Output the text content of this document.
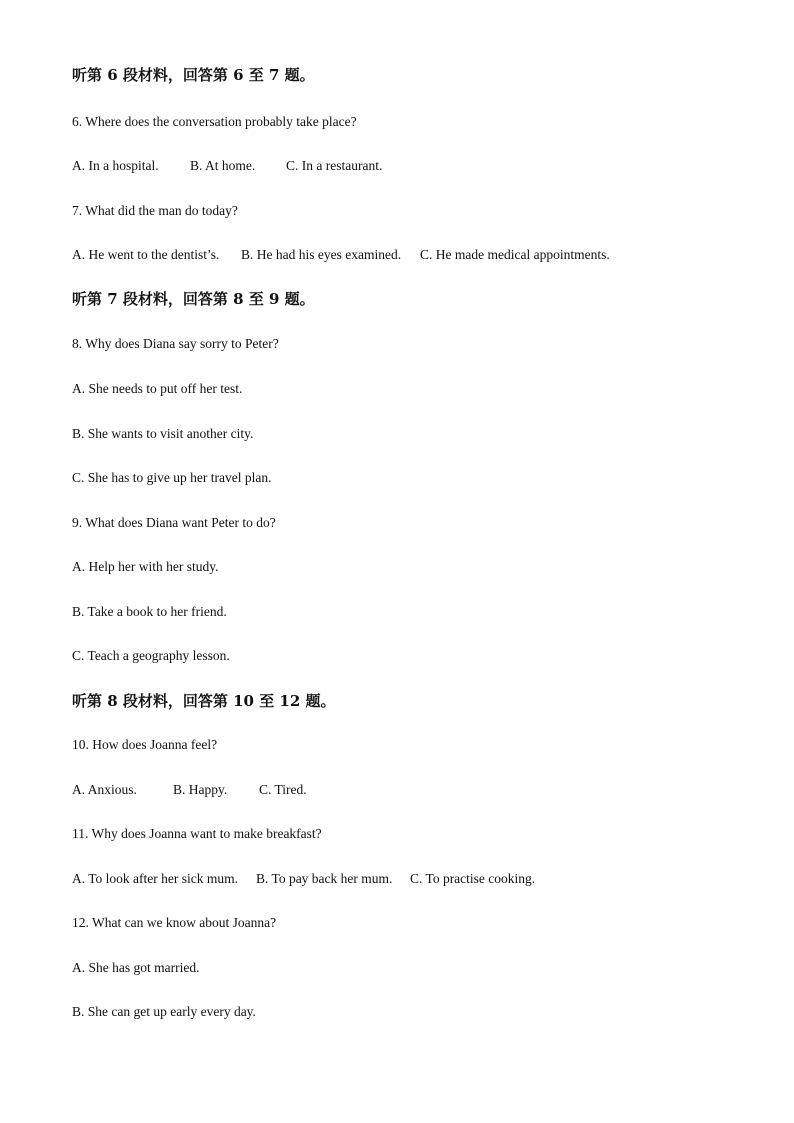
听第 6 段材料，回答第 6 至 7 题。
6. Where does the conversation probably take place?
A. In a hospital. B. At home. C. In a restaurant.
7. What did the man do today?
A. He went to the dentist’s. B. He had his eyes examined. C. He made medical appointments.
听第 7 段材料，回答第 8 至 9 题。
8. Why does Diana say sorry to Peter?
A. She needs to put off her test.
B. She wants to visit another city.
C. She has to give up her travel plan.
9. What does Diana want Peter to do?
A. Help her with her study.
B. Take a book to her friend.
C. Teach a geography lesson.
听第 8 段材料，回答第 10 至 12 题。
10. How does Joanna feel?
A. Anxious.	B. Happy. C. Tired.
11. Why does Joanna want to make breakfast?
A. To look after her sick mum. B. To pay back her mum. C. To practise cooking.
12. What can we know about Joanna?
A. She has got married.
B. She can get up early every day.
